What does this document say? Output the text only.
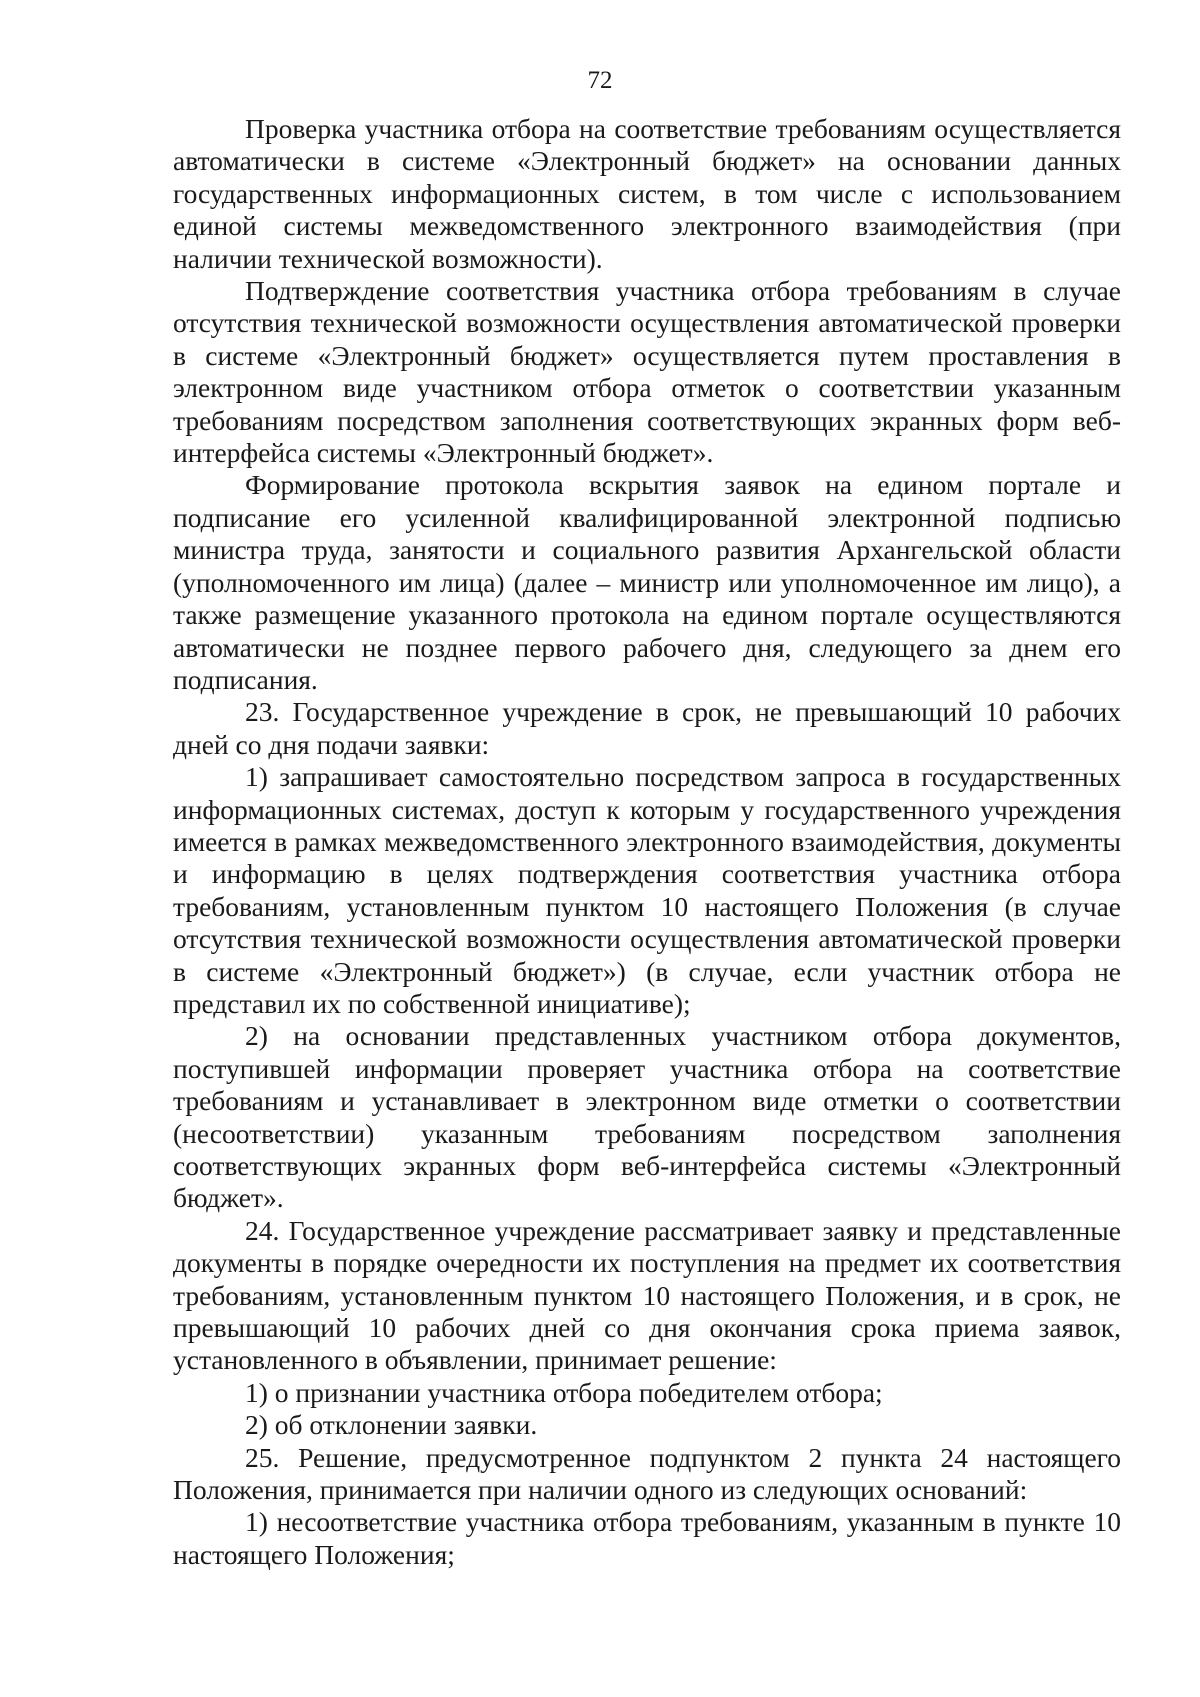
72

Проверка участника отбора на соответствие требованиям осуществляется автоматически в системе «Электронный бюджет» на основании данных государственных информационных систем, в том числе с использованием единой системы межведомственного электронного взаимодействия (при наличии технической возможности).

Подтверждение соответствия участника отбора требованиям в случае отсутствия технической возможности осуществления автоматической проверки в системе «Электронный бюджет» осуществляется путем проставления в электронном виде участником отбора отметок о соответствии указанным требованиям посредством заполнения соответствующих экранных форм веб-интерфейса системы «Электронный бюджет».

Формирование протокола вскрытия заявок на едином портале и подписание его усиленной квалифицированной электронной подписью министра труда, занятости и социального развития Архангельской области (уполномоченного им лица) (далее – министр или уполномоченное им лицо), а также размещение указанного протокола на едином портале осуществляются автоматически не позднее первого рабочего дня, следующего за днем его подписания.

23. Государственное учреждение в срок, не превышающий 10 рабочих дней со дня подачи заявки:

1) запрашивает самостоятельно посредством запроса в государственных информационных системах, доступ к которым у государственного учреждения имеется в рамках межведомственного электронного взаимодействия, документы и информацию в целях подтверждения соответствия участника отбора требованиям, установленным пунктом 10 настоящего Положения (в случае отсутствия технической возможности осуществления автоматической проверки в системе «Электронный бюджет») (в случае, если участник отбора не представил их по собственной инициативе);

2) на основании представленных участником отбора документов, поступившей информации проверяет участника отбора на соответствие требованиям и устанавливает в электронном виде отметки о соответствии (несоответствии) указанным требованиям посредством заполнения соответствующих экранных форм веб-интерфейса системы «Электронный бюджет».

24. Государственное учреждение рассматривает заявку и представленные документы в порядке очередности их поступления на предмет их соответствия требованиям, установленным пунктом 10 настоящего Положения, и в срок, не превышающий 10 рабочих дней со дня окончания срока приема заявок, установленного в объявлении, принимает решение:

1) о признании участника отбора победителем отбора;

2) об отклонении заявки.

25. Решение, предусмотренное подпунктом 2 пункта 24 настоящего Положения, принимается при наличии одного из следующих оснований:

1) несоответствие участника отбора требованиям, указанным в пункте 10 настоящего Положения;
